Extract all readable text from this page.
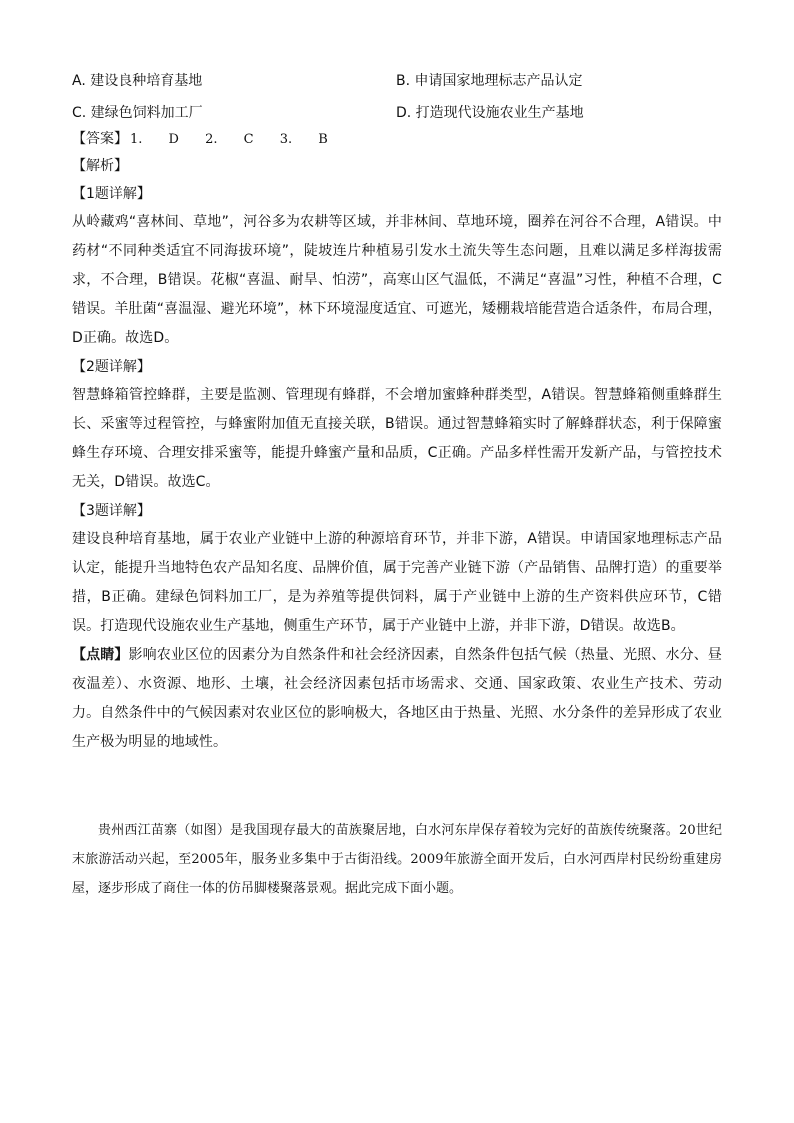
A. 建设良种培育基地	B. 申请国家地理标志产品认定
C. 建绿色饲料加工厂	D. 打造现代设施农业生产基地
【答案】 1. D 2. C 3. B
【解析】
【1题详解】

从岭藏鸡“喜林间、草地”，河谷多为农耕等区域，并非林间、草地环境，圈养在河谷不合理，A错误。中药材“不同种类适宜不同海拔环境”，陡坡连片种植易引发水土流失等生态问题，且难以满足多样海拔需求，不合理，B错误。花椒“喜温、耐旱、怕涝”，高寒山区气温低，不满足“喜温”习性，种植不合理，C错误。羊肚菌“喜温湿、避光环境”，林下环境湿度适宜、可遮光，矮棚栽培能营造合适条件，布局合理，D正确。故选D。

【2题详解】

智慧蜂箱管控蜂群，主要是监测、管理现有蜂群，不会增加蜜蜂种群类型，A错误。智慧蜂箱侧重蜂群生长、采蜜等过程管控，与蜂蜜附加值无直接关联，B错误。通过智慧蜂箱实时了解蜂群状态，利于保障蜜蜂生存环境、合理安排采蜜等，能提升蜂蜜产量和品质，C正确。产品多样性需开发新产品，与管控技术无关，D错误。故选C。

【3题详解】

建设良种培育基地，属于农业产业链中上游的种源培育环节，并非下游，A错误。申请国家地理标志产品认定，能提升当地特色农产品知名度、品牌价值，属于完善产业链下游（产品销售、品牌打造）的重要举措，B正确。建绿色饲料加工厂，是为养殖等提供饲料，属于产业链中上游的生产资料供应环节，C错误。打造现代设施农业生产基地，侧重生产环节，属于产业链中上游，并非下游，D错误。故选B。

【点睛】影响农业区位的因素分为自然条件和社会经济因素，自然条件包括气候（热量、光照、水分、昼夜温差）、水资源、地形、土壤，社会经济因素包括市场需求、交通、国家政策、农业生产技术、劳动力。自然条件中的气候因素对农业区位的影响极大，各地区由于热量、光照、水分条件的差异形成了农业生产极为明显的地域性。

贵州西江苗寨（如图）是我国现存最大的苗族聚居地，白水河东岸保存着较为完好的苗族传统聚落。20世纪末旅游活动兴起，至2005年，服务业多集中于古街沿线。2009年旅游全面开发后，白水河西岸村民纷纷重建房屋，逐步形成了商住一体的仿吊脚楼聚落景观。据此完成下面小题。
